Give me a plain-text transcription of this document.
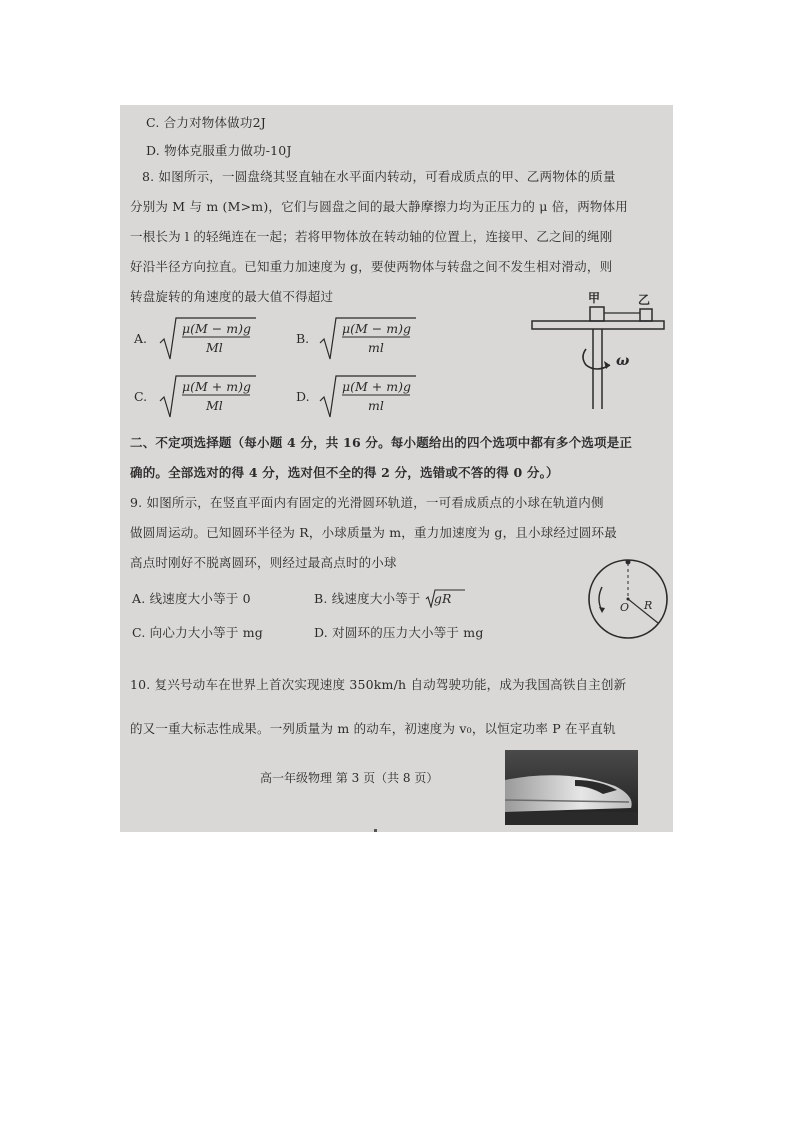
C. 合力对物体做功2J
D. 物体克服重力做功-10J
8. 如图所示，一圆盘绕其竖直轴在水平面内转动，可看成质点的甲、乙两物体的质量
分别为 M 与 m (M>m)，它们与圆盘之间的最大静摩擦力均为正压力的 μ 倍，两物体用
一根长为 l 的轻绳连在一起；若将甲物体放在转动轴的位置上，连接甲、乙之间的绳刚
好沿半径方向拉直。已知重力加速度为 g，要使两物体与转盘之间不发生相对滑动，则
转盘旋转的角速度的最大值不得超过
A.
μ(M − m)g
Ml
B.
μ(M − m)g
ml
C.
μ(M + m)g
Ml
D.
μ(M + m)g
ml
甲	乙
ω
二、不定项选择题（每小题 4 分，共 16 分。每小题给出的四个选项中都有多个选项是正
确的。全部选对的得 4 分，选对但不全的得 2 分，选错或不答的得 0 分。）
9. 如图所示，在竖直平面内有固定的光滑圆环轨道，一可看成质点的小球在轨道内侧
做圆周运动。已知圆环半径为 R，小球质量为 m，重力加速度为 g，且小球经过圆环最
高点时刚好不脱离圆环，则经过最高点时的小球
A. 线速度大小等于 0	B. 线速度大小等于
gR
C. 向心力大小等于 mg	D. 对圆环的压力大小等于 mg
O R
10. 复兴号动车在世界上首次实现速度 350km/h 自动驾驶功能，成为我国高铁自主创新
的又一重大标志性成果。一列质量为 m 的动车，初速度为 v₀，以恒定功率 P 在平直轨
高一年级物理 第 3 页（共 8 页）
